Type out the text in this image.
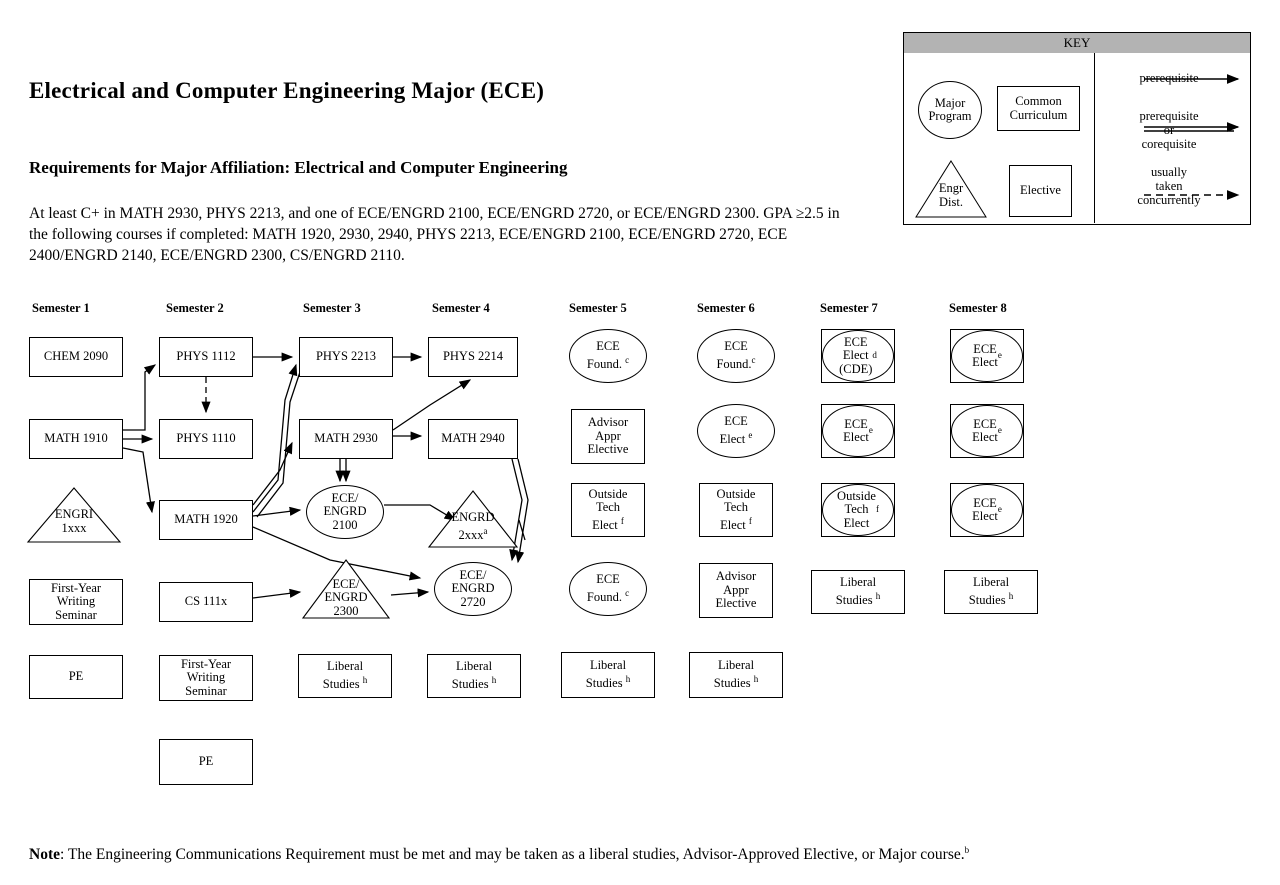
Electrical and Computer Engineering Major (ECE)
Requirements for Major Affiliation: Electrical and Computer Engineering
At least C+ in MATH 2930, PHYS 2213, and one of ECE/ENGRD 2100, ECE/ENGRD 2720, or ECE/ENGRD 2300. GPA ≥2.5 in the following courses if completed: MATH 1920, 2930, 2940, PHYS 2213, ECE/ENGRD 2100, ECE/ENGRD 2720, ECE 2400/ENGRD 2140, ECE/ENGRD 2300, CS/ENGRD 2110.
Note: The Engineering Communications Requirement must be met and may be taken as a liberal studies, Advisor-Approved Elective, or Major course.$^b$
KEY
Major
Program
Common
Curriculum
Engr
Dist.
Elective
prerequisite
prerequisite
or
corequisite
usually
taken
concurrently
Semester 1	Semester 2	Semester 3	Semester 4	Semester 5	Semester 6	Semester 7	Semester 8
CHEM 2090
MATH 1910
ENGRI
1xxx
First-Year
Writing
Seminar
PE
PHYS 1112
PHYS 1110
MATH 1920
CS 111x
First-Year
Writing
Seminar
PE
PHYS 2213
MATH 2930
ECE/
ENGRD
2100
ECE/
ENGRD
2300
Liberal
Studies $^h$
PHYS 2214
MATH 2940
ENGRD
2xxx$^a$
ECE/
ENGRD
2720
Liberal
Studies $^h$
ECE
Found. $^c$
Advisor
Appr
Elective
Outside
Tech
Elect $^f$
ECE
Found. $^c$
Liberal
Studies $^h$
ECE
Found.$^c$
ECE
Elect $^e$
Outside
Tech
Elect $^f$
Advisor
Appr
Elective
Liberal
Studies $^h$
ECE
Elect
(CDE)
d
ECE
Elect e
Outside
Tech
Elect
f
Liberal
Studies $^h$
ECE
Elect e
ECE
Elect e
ECE
Elect e
Liberal
Studies $^h$
